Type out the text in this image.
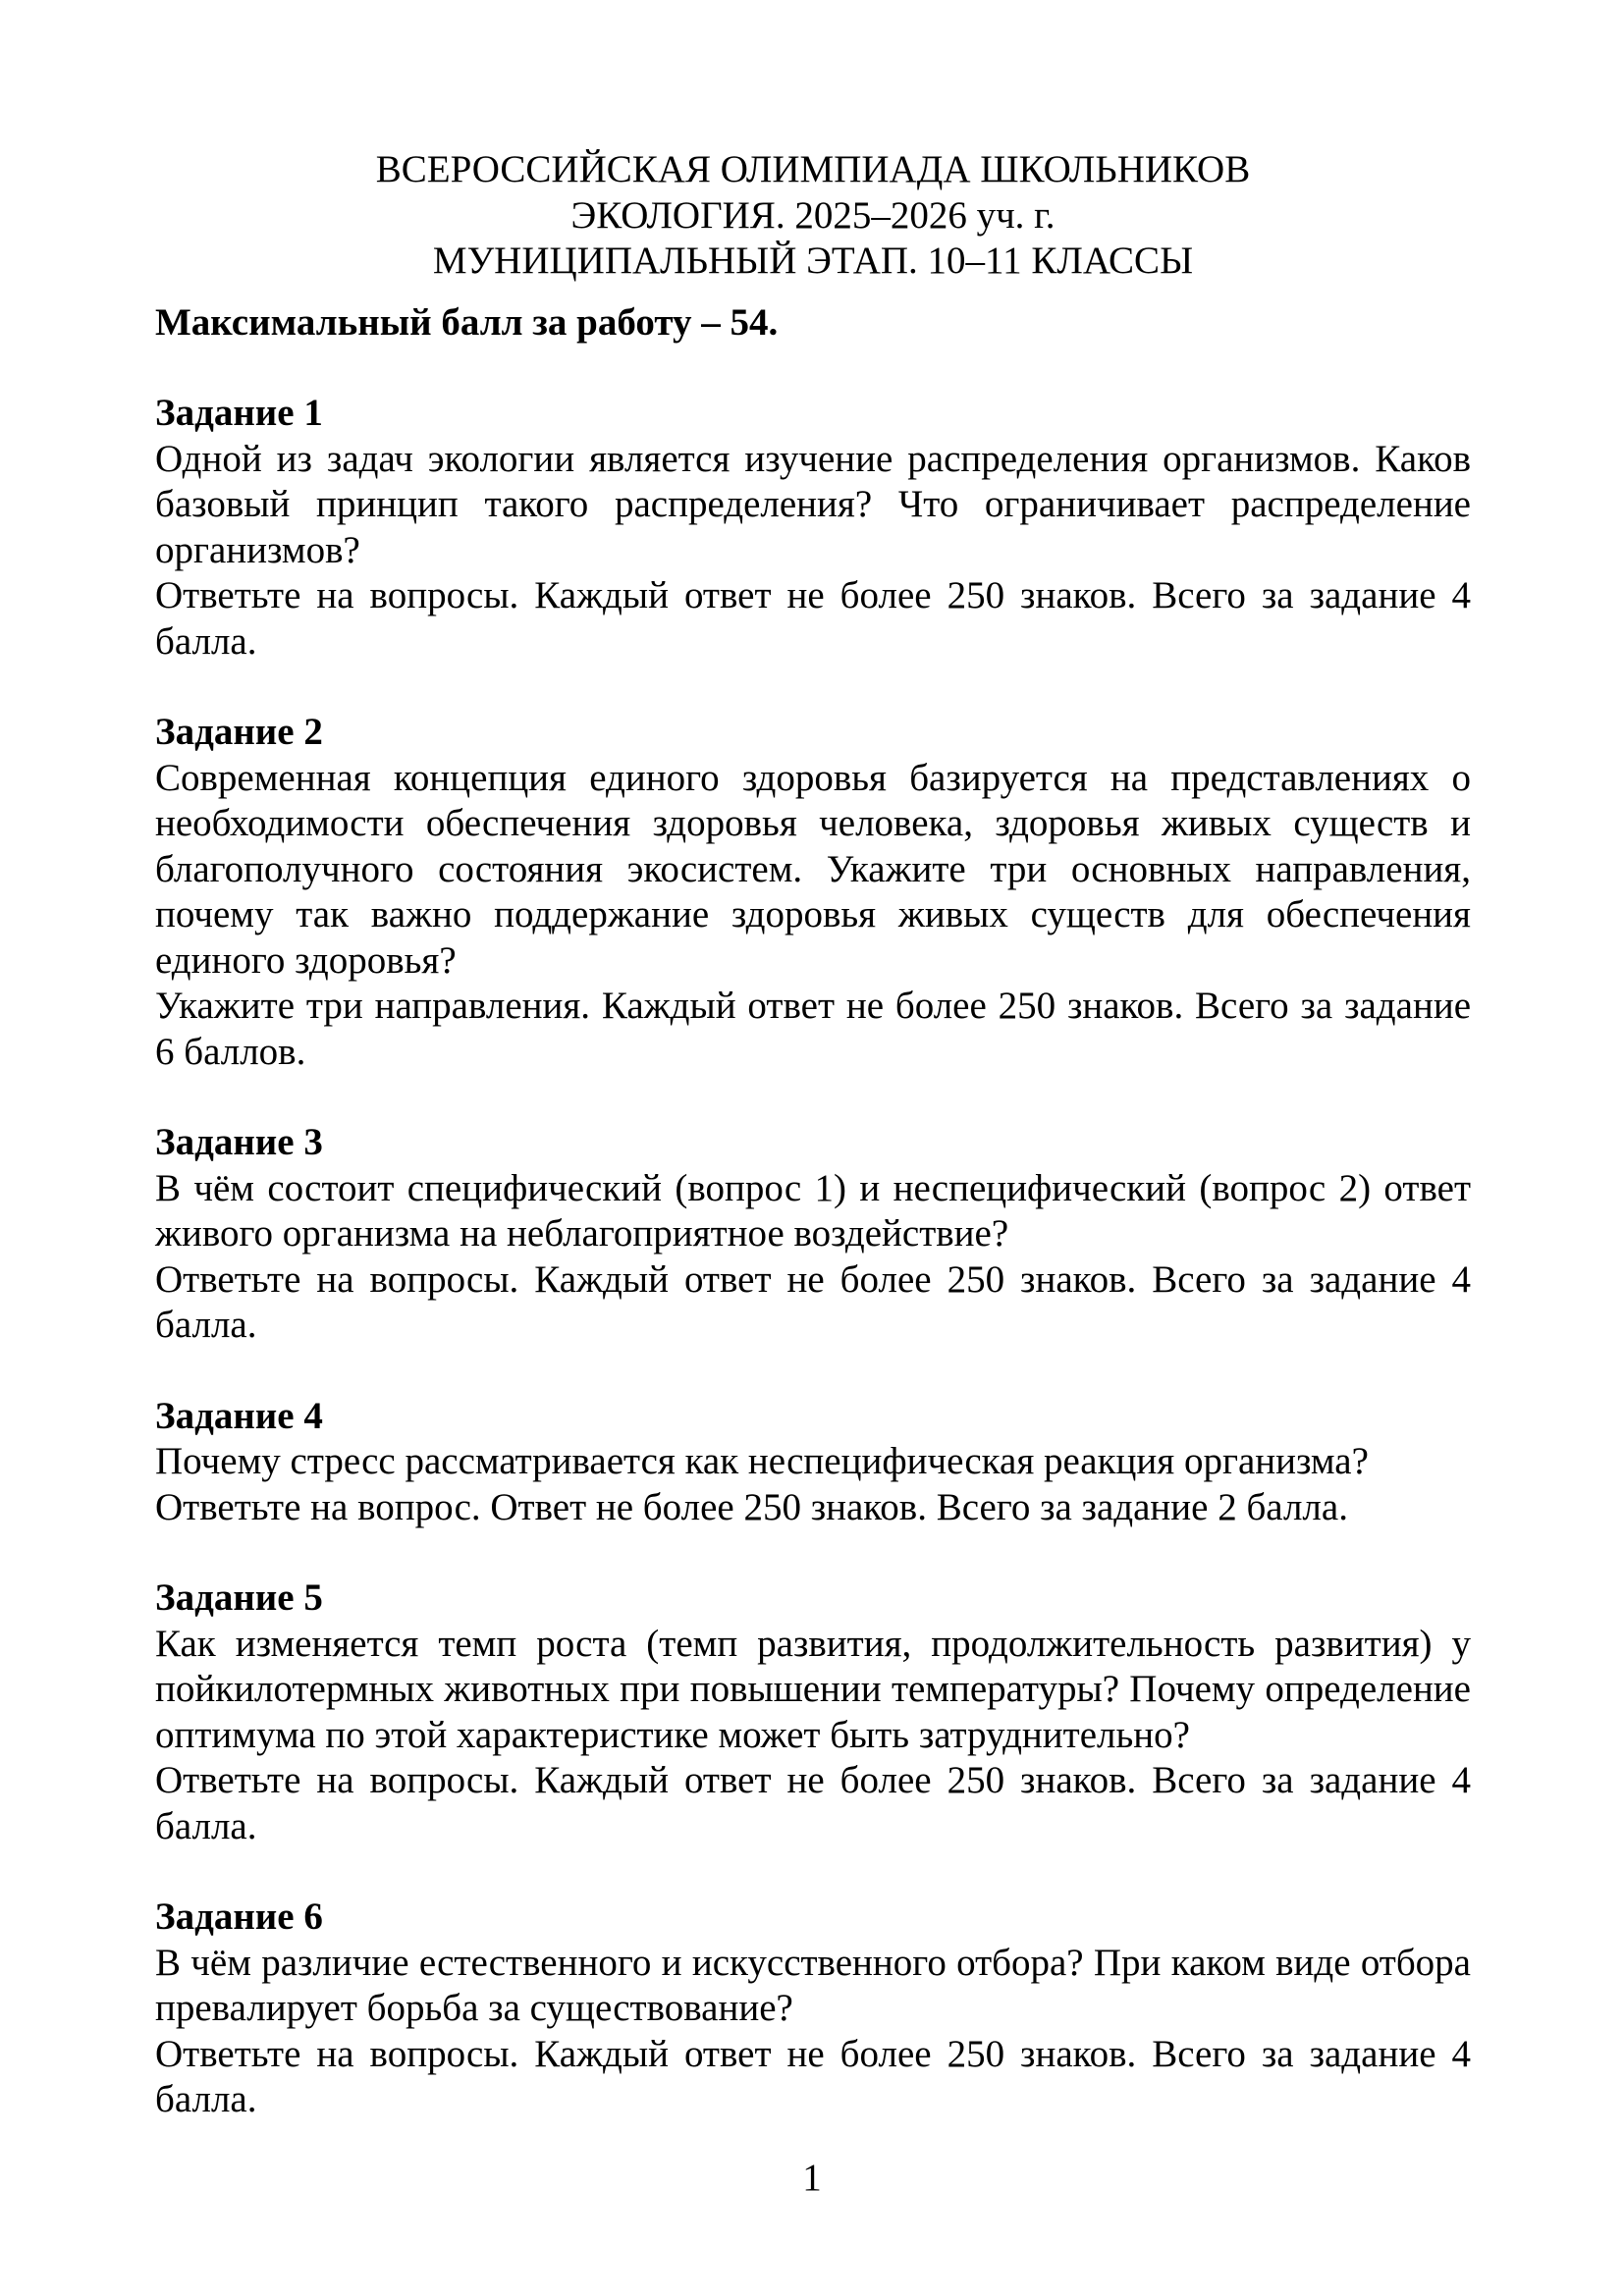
ВСЕРОССИЙСКАЯ ОЛИМПИАДА ШКОЛЬНИКОВ
ЭКОЛОГИЯ. 2025–2026 уч. г.
МУНИЦИПАЛЬНЫЙ ЭТАП. 10–11 КЛАССЫ

Максимальный балл за работу – 54.

Задание 1

Одной из задач экологии является изучение распределения организмов. Каков базовый принцип такого распределения? Что ограничивает распределение организмов?

Ответьте на вопросы. Каждый ответ не более 250 знаков. Всего за задание 4 балла.

Задание 2

Современная концепция единого здоровья базируется на представлениях о необходимости обеспечения здоровья человека, здоровья живых существ и благополучного состояния экосистем. Укажите три основных направления, почему так важно поддержание здоровья живых существ для обеспечения единого здоровья?

Укажите три направления. Каждый ответ не более 250 знаков. Всего за задание 6 баллов.

Задание 3

В чём состоит специфический (вопрос 1) и неспецифический (вопрос 2) ответ живого организма на неблагоприятное воздействие?

Ответьте на вопросы. Каждый ответ не более 250 знаков. Всего за задание 4 балла.

Задание 4

Почему стресс рассматривается как неспецифическая реакция организма?

Ответьте на вопрос. Ответ не более 250 знаков. Всего за задание 2 балла.

Задание 5

Как изменяется темп роста (темп развития, продолжительность развития) у пойкилотермных животных при повышении температуры? Почему определение оптимума по этой характеристике может быть затруднительно?

Ответьте на вопросы. Каждый ответ не более 250 знаков. Всего за задание 4 балла.

Задание 6

В чём различие естественного и искусственного отбора? При каком виде отбора превалирует борьба за существование?

Ответьте на вопросы. Каждый ответ не более 250 знаков. Всего за задание 4 балла.

1
